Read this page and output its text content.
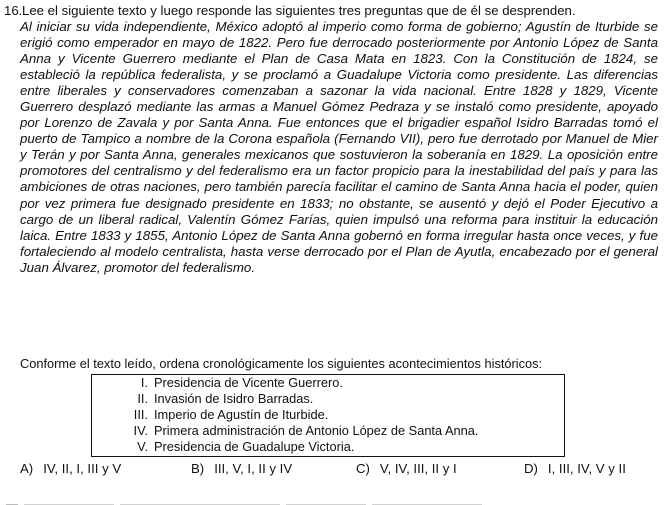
16. Lee el siguiente texto y luego responde las siguientes tres preguntas que de él se desprenden.
Al iniciar su vida independiente, México adoptó al imperio como forma de gobierno; Agustín de Iturbide se erigió como emperador en mayo de 1822. Pero fue derrocado posteriormente por Antonio López de Santa Anna y Vicente Guerrero mediante el Plan de Casa Mata en 1823. Con la Constitución de 1824, se estableció la república federalista, y se proclamó a Guadalupe Victoria como presidente. Las diferencias entre liberales y conservadores comenzaban a sazonar la vida nacional. Entre 1828 y 1829, Vicente Guerrero desplazó mediante las armas a Manuel Gómez Pedraza y se instaló como presidente, apoyado por Lorenzo de Zavala y por Santa Anna. Fue entonces que el brigadier español Isidro Barradas tomó el puerto de Tampico a nombre de la Corona española (Fernando VII), pero fue derrotado por Manuel de Mier y Terán y por Santa Anna, generales mexicanos que sostuvieron la soberanía en 1829. La oposición entre promotores del centralismo y del federalismo era un factor propicio para la inestabilidad del país y para las ambiciones de otras naciones, pero también parecía facilitar el camino de Santa Anna hacia el poder, quien por vez primera fue designado presidente en 1833; no obstante, se ausentó y dejó el Poder Ejecutivo a cargo de un liberal radical, Valentín Gómez Farías, quien impulsó una reforma para instituir la educación laica. Entre 1833 y 1855, Antonio López de Santa Anna gobernó en forma irregular hasta once veces, y fue fortaleciendo al modelo centralista, hasta verse derrocado por el Plan de Ayutla, encabezado por el general Juan Álvarez, promotor del federalismo.
Conforme el texto leído, ordena cronológicamente los siguientes acontecimientos históricos:
I. Presidencia de Vicente Guerrero.
II. Invasión de Isidro Barradas.
III. Imperio de Agustín de Iturbide.
IV. Primera administración de Antonio López de Santa Anna.
V. Presidencia de Guadalupe Victoria.
A) IV, II, I, III y V	B) III, V, I, II y IV	C) V, IV, III, II y I	D) I, III, IV, V y II
